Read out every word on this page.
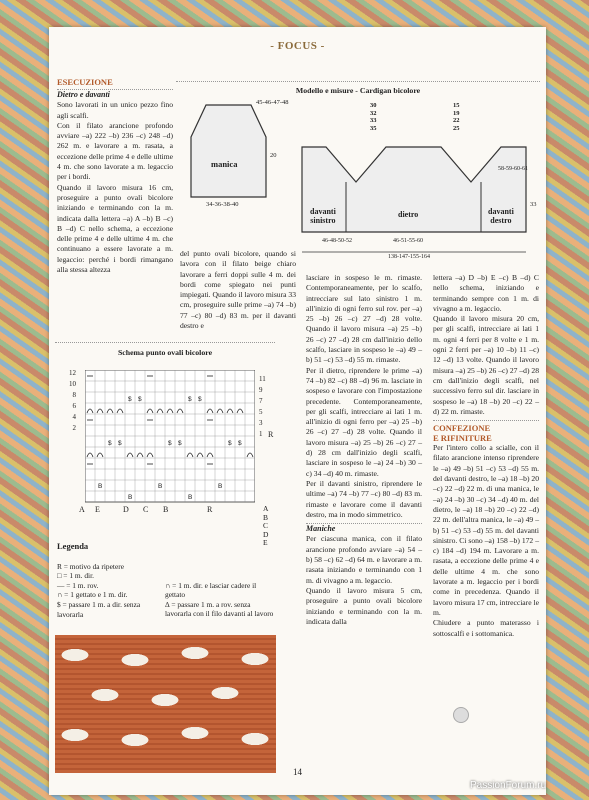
- FOCUS -
ESECUZIONE

Dietro e davanti

Sono lavorati in un unico pezzo fino agli scalfi.

Con il filato arancione profondo avviare –a) 222 –b) 236 –c) 248 –d) 262 m. e lavorare a m. rasata, a eccezione delle prime 4 e delle ultime 4 m. che sono lavorate a m. legaccio per i bordi.

Quando il lavoro misura 16 cm, proseguire a punto ovali bicolore iniziando e terminando con la m. indicata dalla lettera –a) A –b) B –c) B –d) C nello schema, a eccezione delle prime 4 e delle ultime 4 m. che continuano a essere lavorate a m. legaccio: perché i bordi rimangano alla stessa altezza

del punto ovali bicolore, quando si lavora con il filato beige chiaro lavorare a ferri doppi sulle 4 m. dei bordi come spiegato nei punti impiegati. Quando il lavoro misura 33 cm, proseguire sulle prime –a) 74 –b) 77 –c) 80 –d) 83 m. per il davanti destro e

Modello e misure - Cardigan bicolore
45-46-47-48
20
manica
34-36-38-40
30
32
33
35
15
19
22
25
58-59-60-61
33
davanti
sinistro
dietro	davanti
destro
46-48-50-52	46-51-55-60
138-147-155-164
Schema punto ovali bicolore
12
10
8
6
4
2
$ $	$ $
$ $	$ $	$ $
B	B
B	B	B
11
9
7
5
3
1 R
A E	D C B	R	A
B
C
D
E
Legenda
R = motivo da ripetere
□ = 1 m. dir.
— = 1 m. rov.
∩ = 1 gettato e 1 m. dir.
$ = passare 1 m. a dir. senza lavorarla
∩ = 1 m. dir. e lasciar cadere il gettato
∆ = passare 1 m. a rov. senza lavorarla con il filo davanti al lavoro

lasciare in sospeso le m. rimaste. Contemporaneamente, per lo scalfo, intrecciare sul lato sinistro 1 m. all'inizio di ogni ferro sul rov. per –a) 25 –b) 26 –c) 27 –d) 28 volte. Quando il lavoro misura –a) 25 –b) 26 –c) 27 –d) 28 cm dall'inizio dello scalfo, lasciare in sospeso le –a) 49 –b) 51 –c) 53 –d) 55 m. rimaste.

Per il dietro, riprendere le prime –a) 74 –b) 82 –c) 88 –d) 96 m. lasciate in sospeso e lavorare con l'impostazione precedente. Contemporaneamente, per gli scalfi, intrecciare ai lati 1 m. all'inizio di ogni ferro per –a) 25 –b) 26 –c) 27 –d) 28 volte. Quando il lavoro misura –a) 25 –b) 26 –c) 27 –d) 28 cm dall'inizio degli scalfi, lasciare in sospeso le –a) 24 –b) 30 –c) 34 –d) 40 m. rimaste.

Per il davanti sinistro, riprendere le ultime –a) 74 –b) 77 –c) 80 –d) 83 m. rimaste e lavorare come il davanti destro, ma in modo simmetrico.

Maniche

Per ciascuna manica, con il filato arancione profondo avviare –a) 54 –b) 58 –c) 62 –d) 64 m. e lavorare a m. rasata iniziando e terminando con 1 m. di vivagno a m. legaccio.

Quando il lavoro misura 5 cm, proseguire a punto ovali bicolore iniziando e terminando con la m. indicata dalla

lettera –a) D –b) E –c) B –d) C nello schema, iniziando e terminando sempre con 1 m. di vivagno a m. legaccio.

Quando il lavoro misura 20 cm, per gli scalfi, intrecciare ai lati 1 m. ogni 4 ferri per 8 volte e 1 m. ogni 2 ferri per –a) 10 –b) 11 –c) 12 –d) 13 volte. Quando il lavoro misura –a) 25 –b) 26 –c) 27 –d) 28 cm dall'inizio degli scalfi, nel successivo ferro sul dir. lasciare in sospeso le –a) 18 –b) 20 –c) 22 –d) 22 m. rimaste.

CONFEZIONE
E RIFINITURE

Per l'intero collo a scialle, con il filato arancione intenso riprendere le –a) 49 –b) 51 –c) 53 –d) 55 m. del davanti destro, le –a) 18 –b) 20 –c) 22 –d) 22 m. di una manica, le –a) 24 –b) 30 –c) 34 –d) 40 m. del dietro, le –a) 18 –b) 20 –c) 22 –d) 22 m. dell'altra manica, le –a) 49 –b) 51 –c) 53 –d) 55 m. del davanti sinistro. Ci sono –a) 158 –b) 172 –c) 184 –d) 194 m. Lavorare a m. rasata, a eccezione delle prime 4 e delle ultime 4 m. che sono lavorate a m. legaccio per i bordi come in precedenza. Quando il lavoro misura 17 cm, intrecciare le m.

Chiudere a punto materasso i sottoscalfi e i sottomanica.

14
PassionForum.ru
